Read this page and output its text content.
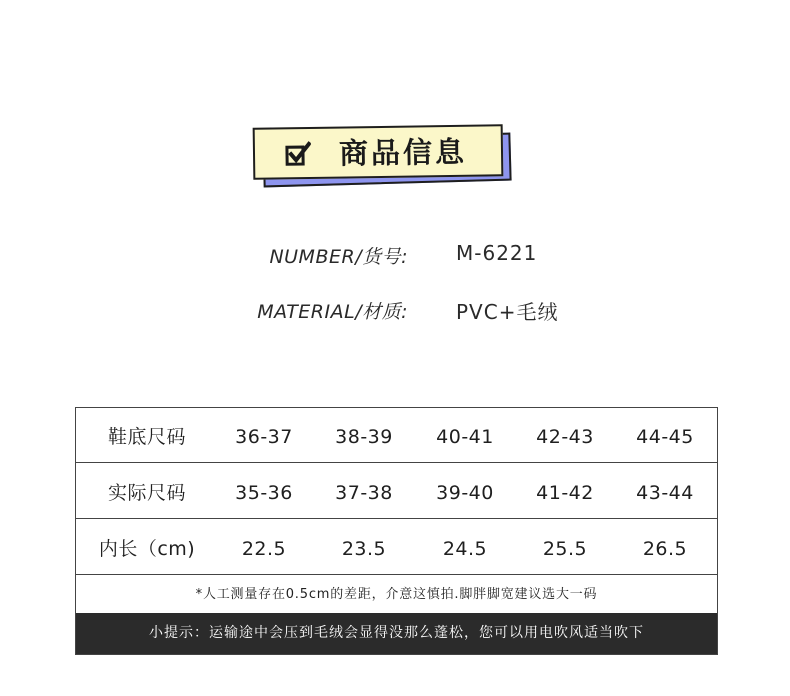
商品信息
NUMBER/货号: M-6221
MATERIAL/材质: PVC+毛绒
鞋底尺码	36-37	38-39	40-41	42-43	44-45
实际尺码	35-36	37-38	39-40	41-42	43-44
内长（cm)	22.5	23.5	24.5	25.5	26.5
*人工测量存在0.5cm的差距，介意这慎拍.脚胖脚宽建议选大一码
小提示：运输途中会压到毛绒会显得没那么蓬松，您可以用电吹风适当吹下
